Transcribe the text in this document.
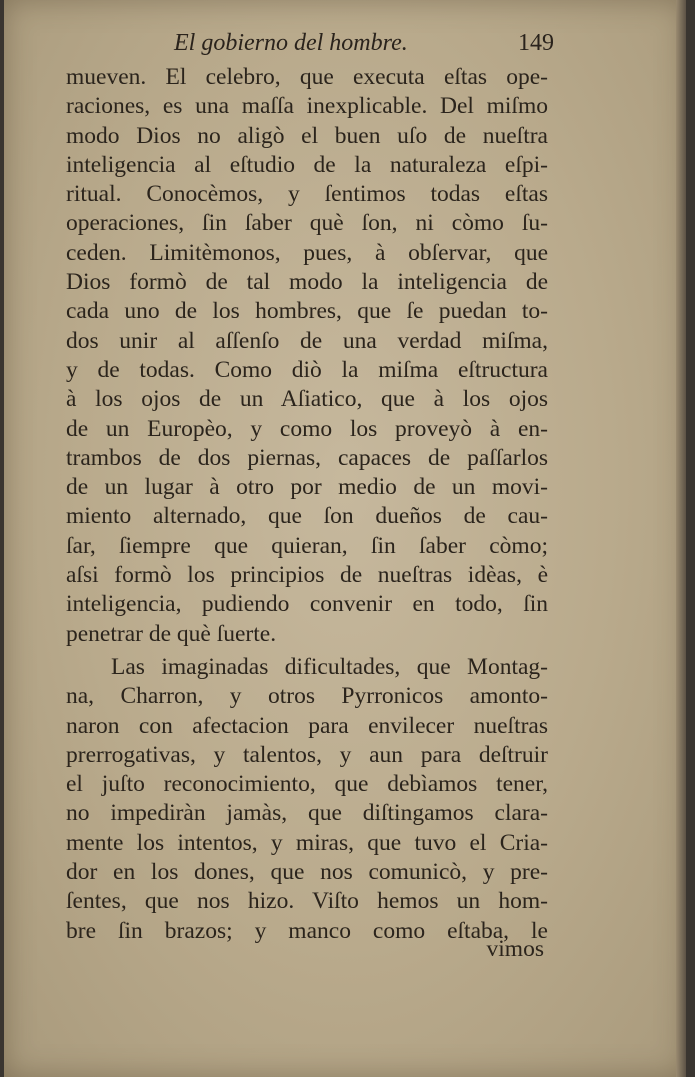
El gobierno del hombre.	149
mueven. El celebro, que executa eſtas ope-
raciones, es una maſſa inexplicable. Del miſmo
modo Dios no aligò el buen uſo de nueſtra
inteligencia al eſtudio de la naturaleza eſpi-
ritual. Conocèmos, y ſentimos todas eſtas
operaciones, ſin ſaber què ſon, ni còmo ſu-
ceden. Limitèmonos, pues, à obſervar, que
Dios formò de tal modo la inteligencia de
cada uno de los hombres, que ſe puedan to-
dos unir al aſſenſo de una verdad miſma,
y de todas. Como diò la miſma eſtructura
à los ojos de un Aſiatico, que à los ojos
de un Europèo, y como los proveyò à en-
trambos de dos piernas, capaces de paſſarlos
de un lugar à otro por medio de un movi-
miento alternado, que ſon dueños de cau-
ſar, ſiempre que quieran, ſin ſaber còmo;
aſsi formò los principios de nueſtras idèas, è
inteligencia, pudiendo convenir en todo, ſin
penetrar de què ſuerte.
Las imaginadas dificultades, que Montag-
na, Charron, y otros Pyrronicos amonto-
naron con afectacion para envilecer nueſtras
prerrogativas, y talentos, y aun para deſtruir
el juſto reconocimiento, que debìamos tener,
no impediràn jamàs, que diſtingamos clara-
mente los intentos, y miras, que tuvo el Cria-
dor en los dones, que nos comunicò, y pre-
ſentes, que nos hizo. Viſto hemos un hom-
bre ſin brazos; y manco como eſtaba, le
vimos
